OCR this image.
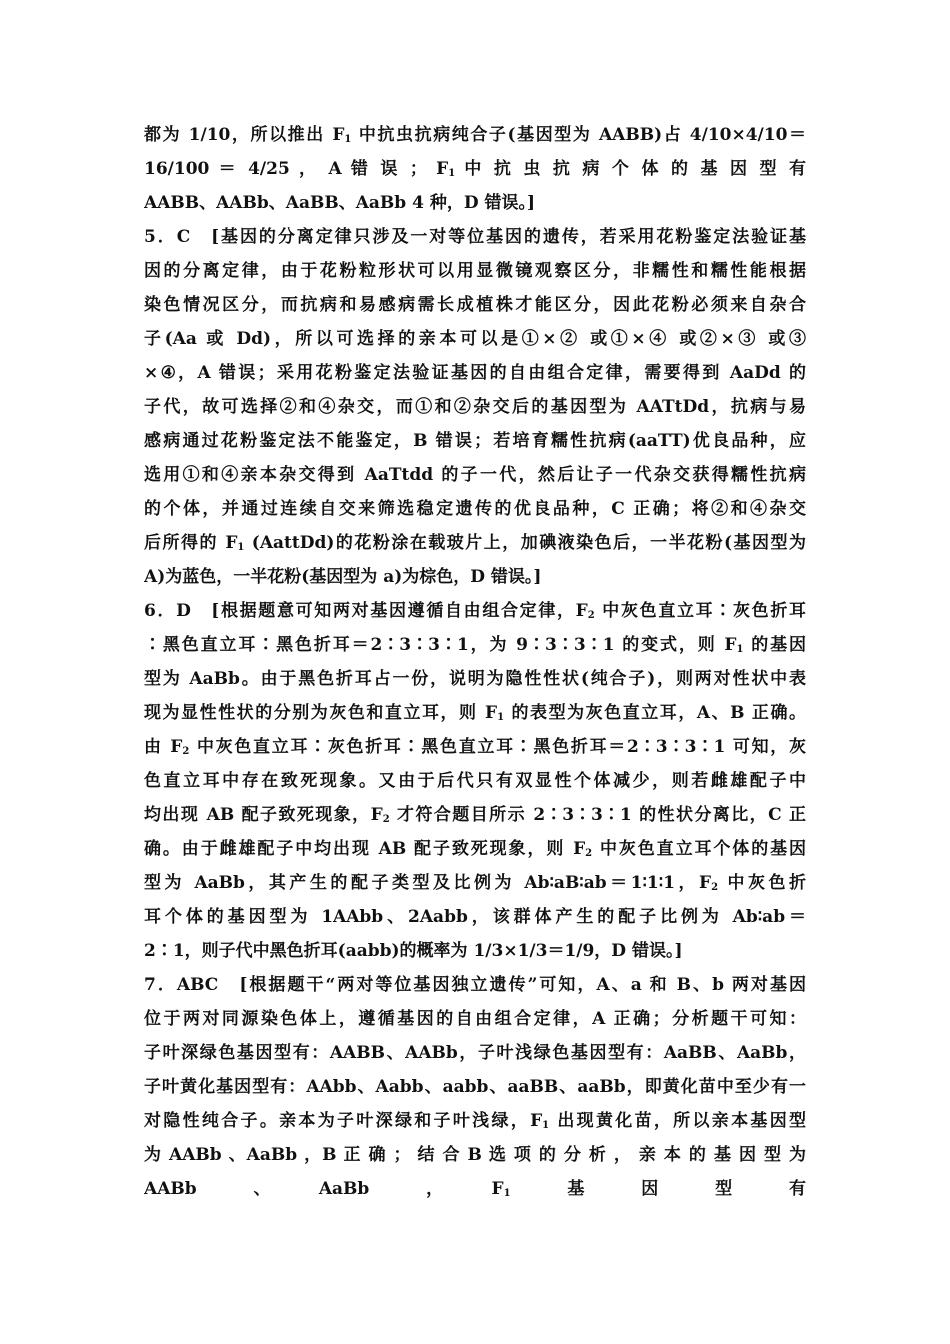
都为 1/10，所以推出 $F_1$ 中抗虫抗病纯合子(基因型为 AABB)占 4/10×4/10＝
16/100 ＝ 4/25 ， A 错 误 ； $F_1$ 中 抗 虫 抗 病 个 体 的 基 因 型 有
AABB、AABb、AaBB、AaBb 4 种，D 错误。]
5．C　[基因的分离定律只涉及一对等位基因的遗传，若采用花粉鉴定法验证基
因的分离定律，由于花粉粒形状可以用显微镜观察区分，非糯性和糯性能根据
染色情况区分，而抗病和易感病需长成植株才能区分，因此花粉必须来自杂合
子(Aa 或 Dd)，所以可选择的亲本可以是①×② 或①×④ 或②×③ 或③
×④，A 错误；采用花粉鉴定法验证基因的自由组合定律，需要得到 AaDd 的
子代，故可选择②和④杂交，而①和②杂交后的基因型为 AATtDd，抗病与易
感病通过花粉鉴定法不能鉴定，B 错误；若培育糯性抗病(aaTT)优良品种，应
选用①和④亲本杂交得到 AaTtdd 的子一代，然后让子一代杂交获得糯性抗病
的个体，并通过连续自交来筛选稳定遗传的优良品种，C 正确；将②和④杂交
后所得的 $F_1$ (AattDd)的花粉涂在载玻片上，加碘液染色后，一半花粉(基因型为
A)为蓝色，一半花粉(基因型为 a)为棕色，D 错误。]
6．D　[根据题意可知两对基因遵循自由组合定律，$F_2$ 中灰色直立耳∶灰色折耳
∶黑色直立耳∶黑色折耳＝2∶3∶3∶1，为 9∶3∶3∶1 的变式，则 $F_1$ 的基因
型为 AaBb。由于黑色折耳占一份，说明为隐性性状(纯合子)，则两对性状中表
现为显性性状的分别为灰色和直立耳，则 $F_1$ 的表型为灰色直立耳，A、B 正确。
由 $F_2$ 中灰色直立耳∶灰色折耳∶黑色直立耳∶黑色折耳＝2∶3∶3∶1 可知，灰
色直立耳中存在致死现象。又由于后代只有双显性个体减少，则若雌雄配子中
均出现 AB 配子致死现象，$F_2$ 才符合题目所示 2∶3∶3∶1 的性状分离比，C 正
确。由于雌雄配子中均出现 AB 配子致死现象，则 $F_2$ 中灰色直立耳个体的基因
型为 AaBb，其产生的配子类型及比例为 Ab∶aB∶ab＝1∶1∶1，$F_2$ 中灰色折
耳个体的基因型为 1AAbb、2Aabb，该群体产生的配子比例为 Ab∶ab＝
2∶1，则子代中黑色折耳(aabb)的概率为 1/3×1/3＝1/9，D 错误。]
7．ABC　[根据题干“两对等位基因独立遗传”可知，A、a 和 B、b 两对基因
位于两对同源染色体上，遵循基因的自由组合定律，A 正确；分析题干可知：
子叶深绿色基因型有：AABB、AABb，子叶浅绿色基因型有：AaBB、AaBb，
子叶黄化基因型有：AAbb、Aabb、aabb、aaBB、aaBb，即黄化苗中至少有一
对隐性纯合子。亲本为子叶深绿和子叶浅绿，$F_1$ 出现黄化苗，所以亲本基因型
为 AABb 、AaBb ，B 正 确 ； 结 合 B 选 项 的 分 析 ， 亲 本 的 基 因 型 为
AABb　　　、　　　AaBb　　　，　　　$F_1$　　　基　　　因　　　型　　　有
